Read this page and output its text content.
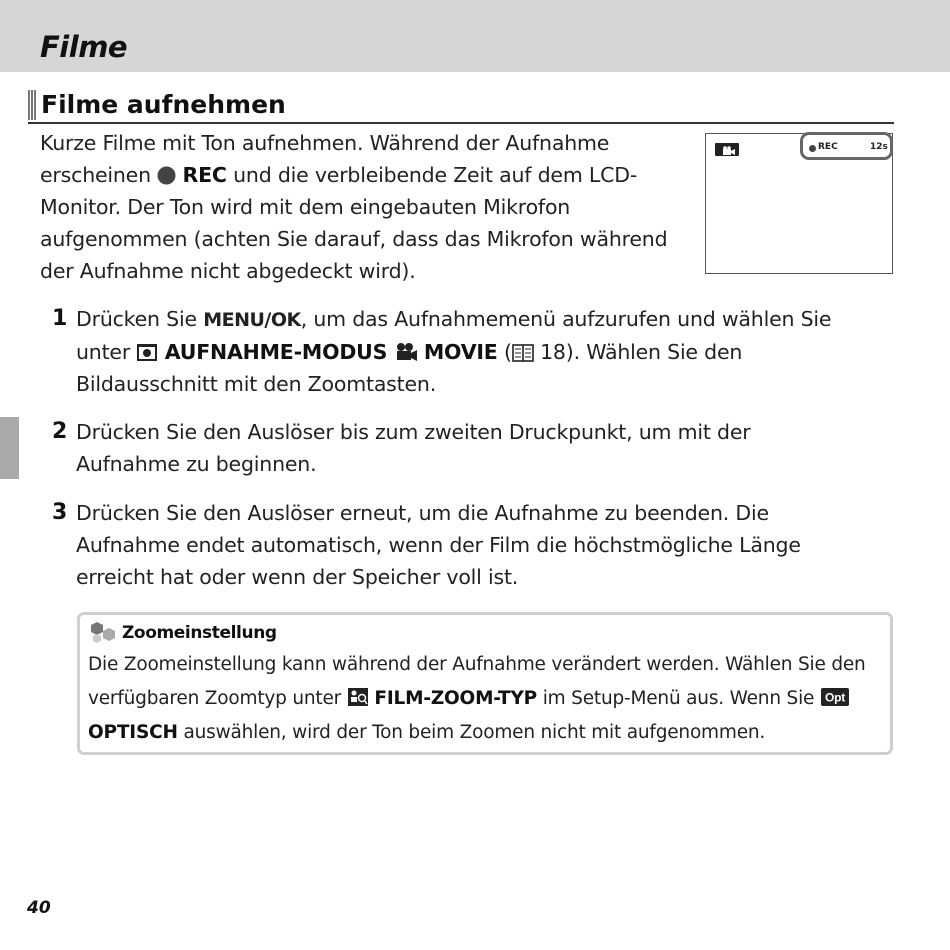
Filme
Filme aufnehmen

Kurze Filme mit Ton aufnehmen. Während der Aufnahme erscheinen REC und die verbleibende Zeit auf dem LCD-Monitor. Der Ton wird mit dem eingebauten Mikrofon aufgenommen (achten Sie darauf, dass das Mikrofon während der Aufnahme nicht abgedeckt wird).

REC	12s
1 Drücken Sie MENU/OK, um das Aufnahmemenü aufzurufen und wählen Sie unter AUFNAHME-MODUS MOVIE ( 18). Wählen Sie den Bildausschnitt mit den Zoomtasten.

2 Drücken Sie den Auslöser bis zum zweiten Druckpunkt, um mit der Aufnahme zu beginnen.

3 Drücken Sie den Auslöser erneut, um die Aufnahme zu beenden. Die Aufnahme endet automatisch, wenn der Film die höchstmögliche Länge erreicht hat oder wenn der Speicher voll ist.

Zoomeinstellung

Die Zoomeinstellung kann während der Aufnahme verändert werden. Wählen Sie den verfügbaren Zoomtyp unter FILM-ZOOM-TYP im Setup-Menü aus. Wenn Sie Opt
OPTISCH auswählen, wird der Ton beim Zoomen nicht mit aufgenommen.

40
